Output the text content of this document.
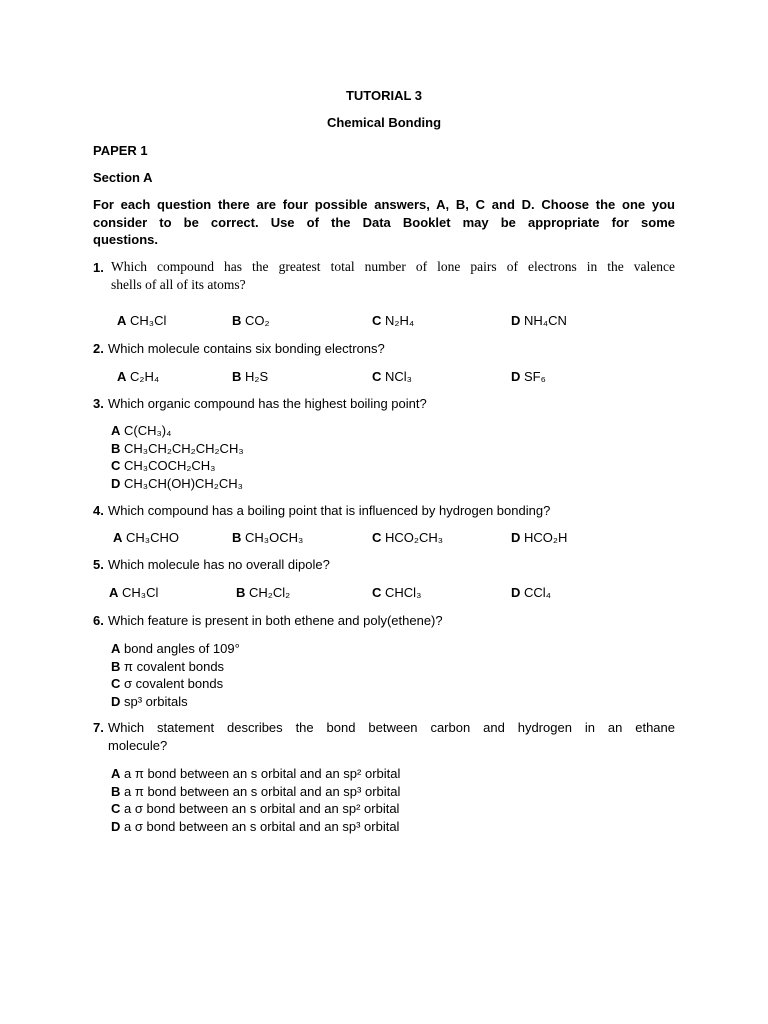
TUTORIAL 3
Chemical Bonding
PAPER 1
Section A
For each question there are four possible answers, A, B, C and D. Choose the one you
consider to be correct. Use of the Data Booklet may be appropriate for some
questions.
1. Which compound has the greatest total number of lone pairs of electrons in the valence
shells of all of its atoms?
A CH₃Cl	B CO₂	C N₂H₄	D NH₄CN
2. Which molecule contains six bonding electrons?
A C₂H₄	B H₂S	C NCl₃	D SF₆
3. Which organic compound has the highest boiling point?
A C(CH₃)₄
B CH₃CH₂CH₂CH₂CH₃
C CH₃COCH₂CH₃
D CH₃CH(OH)CH₂CH₃
4. Which compound has a boiling point that is influenced by hydrogen bonding?
A CH₃CHO	B CH₃OCH₃	C HCO₂CH₃	D HCO₂H
5. Which molecule has no overall dipole?
A CH₃Cl	B CH₂Cl₂	C CHCl₃	D CCl₄
6. Which feature is present in both ethene and poly(ethene)?
A bond angles of 109°
B π covalent bonds
C σ covalent bonds
D sp³ orbitals
7. Which statement describes the bond between carbon and hydrogen in an ethane
molecule?
A a π bond between an s orbital and an sp² orbital
B a π bond between an s orbital and an sp³ orbital
C a σ bond between an s orbital and an sp² orbital
D a σ bond between an s orbital and an sp³ orbital
